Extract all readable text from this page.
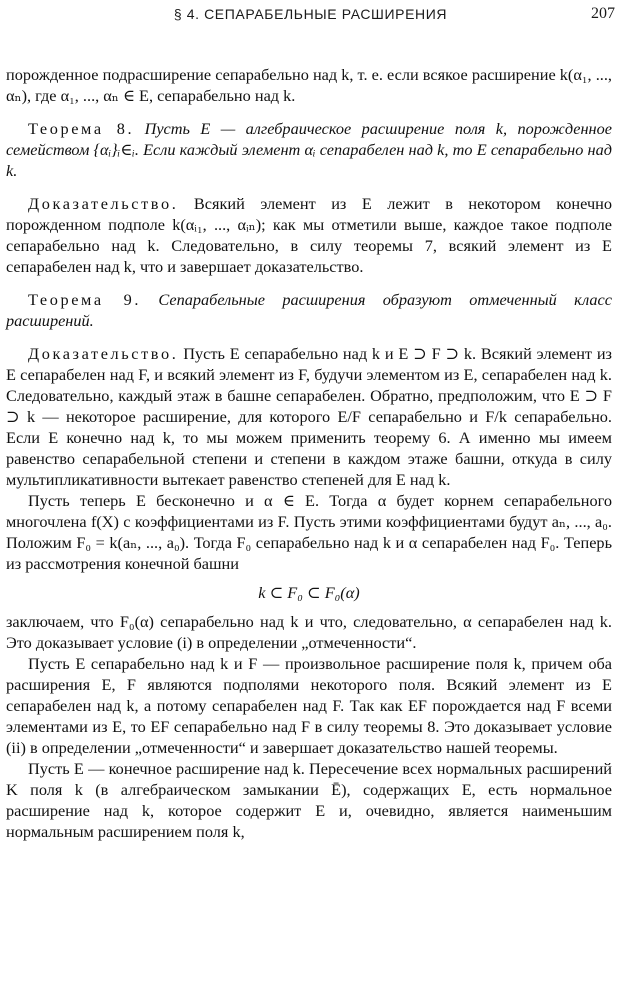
§ 4. СЕПАРАБЕЛЬНЫЕ РАСШИРЕНИЯ	207

порожденное подрасширение сепарабельно над k, т. е. если всякое расширение k(α₁, ..., αₙ), где α₁, ..., αₙ ∈ E, сепарабельно над k.

Теорема 8. Пусть E — алгебраическое расширение поля k, порожденное семейством {αᵢ}ᵢ∈ᵢ. Если каждый элемент αᵢ сепарабелен над k, то E сепарабельно над k.

Доказательство. Всякий элемент из E лежит в некотором конечно порожденном подполе k(αᵢ₁, ..., αᵢₙ); как мы отметили выше, каждое такое подполе сепарабельно над k. Следовательно, в силу теоремы 7, всякий элемент из E сепарабелен над k, что и завершает доказательство.

Теорема 9. Сепарабельные расширения образуют отмеченный класс расширений.

Доказательство. Пусть E сепарабельно над k и E ⊃ F ⊃ k. Всякий элемент из E сепарабелен над F, и всякий элемент из F, будучи элементом из E, сепарабелен над k. Следовательно, каждый этаж в башне сепарабелен. Обратно, предположим, что E ⊃ F ⊃ k — некоторое расширение, для которого E/F сепарабельно и F/k сепарабельно. Если E конечно над k, то мы можем применить теорему 6. А именно мы имеем равенство сепарабельной степени и степени в каждом этаже башни, откуда в силу мультипликативности вытекает равенство степеней для E над k.

Пусть теперь E бесконечно и α ∈ E. Тогда α будет корнем сепарабельного многочлена f(X) с коэффициентами из F. Пусть этими коэффициентами будут aₙ, ..., a₀. Положим F₀ = k(aₙ, ..., a₀). Тогда F₀ сепарабельно над k и α сепарабелен над F₀. Теперь из рассмотрения конечной башни

k ⊂ F₀ ⊂ F₀(α)

заключаем, что F₀(α) сепарабельно над k и что, следовательно, α сепарабелен над k. Это доказывает условие (i) в определении „отмеченности“.

Пусть E сепарабельно над k и F — произвольное расширение поля k, причем оба расширения E, F являются подполями некоторого поля. Всякий элемент из E сепарабелен над k, а потому сепарабелен над F. Так как EF порождается над F всеми элементами из E, то EF сепарабельно над F в силу теоремы 8. Это доказывает условие (ii) в определении „отмеченности“ и завершает доказательство нашей теоремы.

Пусть E — конечное расширение над k. Пересечение всех нормальных расширений K поля k (в алгебраическом замыкании Ē), содержащих E, есть нормальное расширение над k, которое содержит E и, очевидно, является наименьшим нормальным расширением поля k,
